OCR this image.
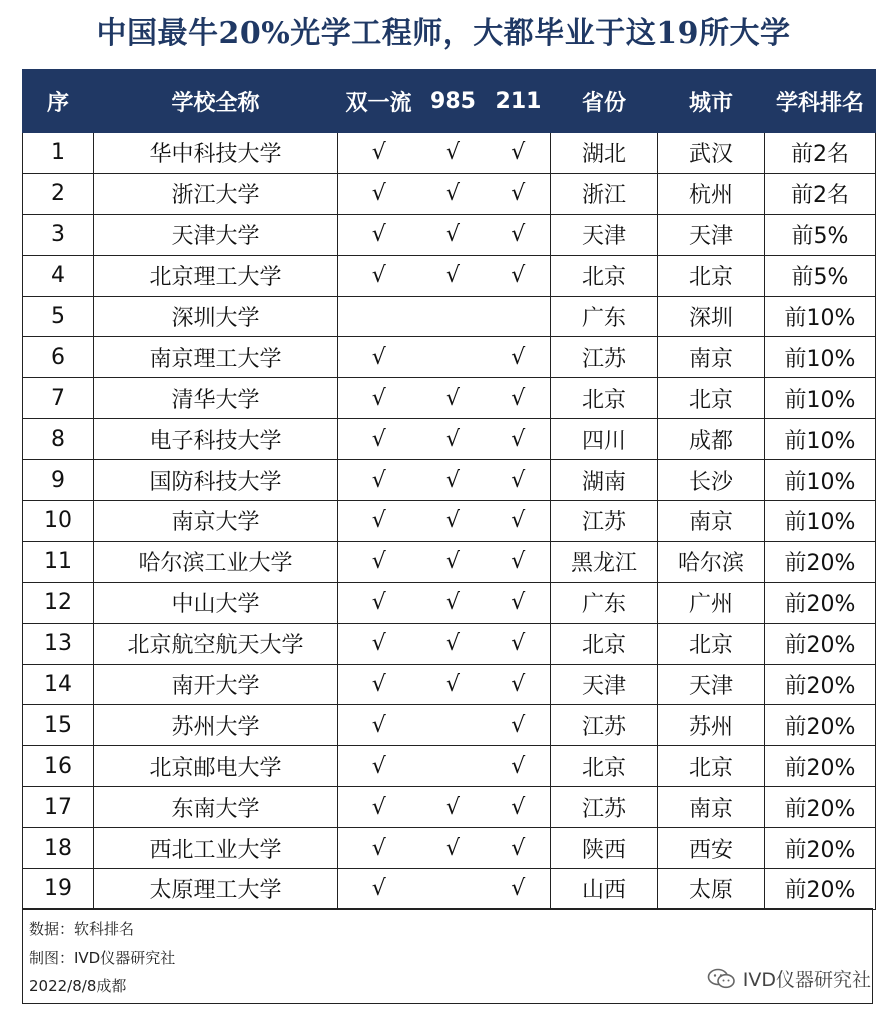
中国最牛20%光学工程师，大都毕业于这19所大学
序	学校全称	双一流	985	211	省份	城市	学科排名
1	华中科技大学	√	√	√	湖北	武汉	前2名
2	浙江大学	√	√	√	浙江	杭州	前2名
3	天津大学	√	√	√	天津	天津	前5%
4	北京理工大学	√	√	√	北京	北京	前5%
5	深圳大学				广东	深圳	前10%
6	南京理工大学	√		√	江苏	南京	前10%
7	清华大学	√	√	√	北京	北京	前10%
8	电子科技大学	√	√	√	四川	成都	前10%
9	国防科技大学	√	√	√	湖南	长沙	前10%
10	南京大学	√	√	√	江苏	南京	前10%
11	哈尔滨工业大学	√	√	√	黑龙江	哈尔滨	前20%
12	中山大学	√	√	√	广东	广州	前20%
13	北京航空航天大学	√	√	√	北京	北京	前20%
14	南开大学	√	√	√	天津	天津	前20%
15	苏州大学	√		√	江苏	苏州	前20%
16	北京邮电大学	√		√	北京	北京	前20%
17	东南大学	√	√	√	江苏	南京	前20%
18	西北工业大学	√	√	√	陕西	西安	前20%
19	太原理工大学	√		√	山西	太原	前20%
数据：软科排名
制图：IVD仪器研究社
2022/8/8成都	IVD仪器研究社
